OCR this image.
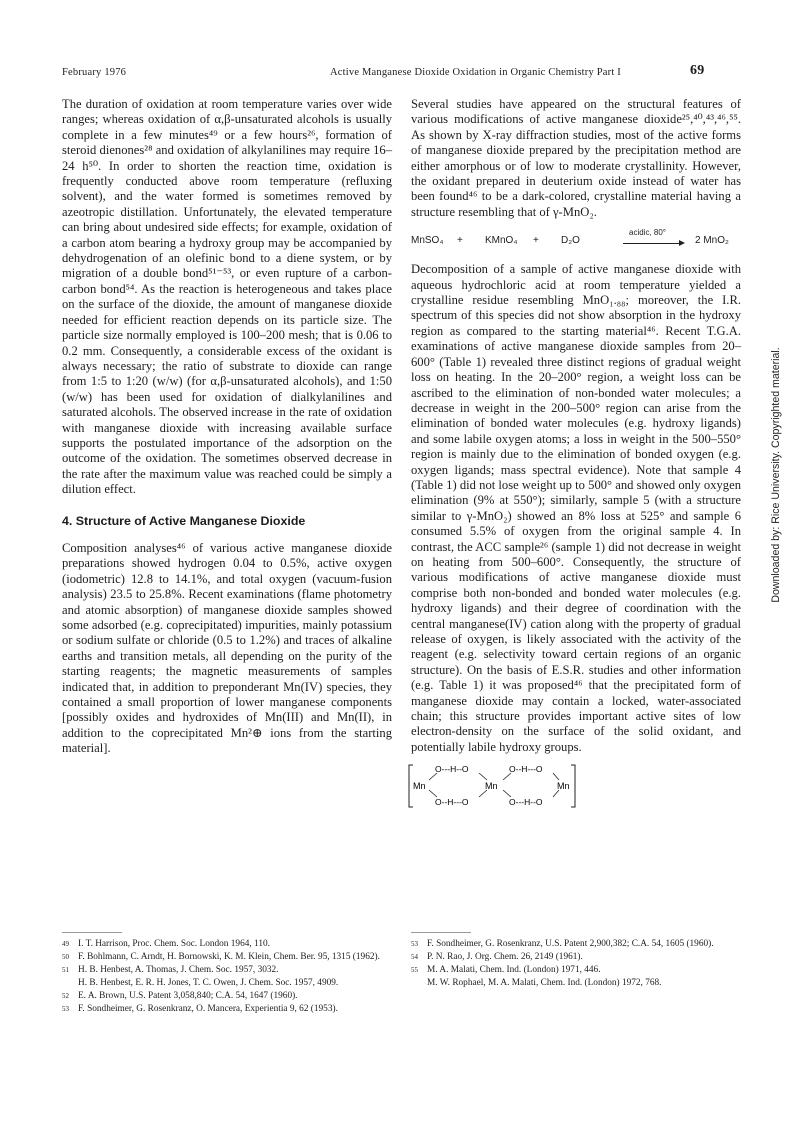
February 1976	Active Manganese Dioxide Oxidation in Organic Chemistry Part I	69

The duration of oxidation at room temperature varies over wide ranges; whereas oxidation of α,β-unsaturated alcohols is usually complete in a few minutes⁴⁹ or a few hours²⁶, formation of steroid dienones²⁸ and oxidation of alkylanilines may require 16–24 h⁵⁰. In order to shorten the reaction time, oxidation is frequently conducted above room temperature (refluxing solvent), and the water formed is sometimes removed by azeotropic distillation. Unfortunately, the elevated temperature can bring about undesired side effects; for example, oxidation of a carbon atom bearing a hydroxy group may be accompanied by dehydrogenation of an olefinic bond to a diene system, or by migration of a double bond⁵¹⁻⁵³, or even rupture of a carbon-carbon bond⁵⁴. As the reaction is heterogeneous and takes place on the surface of the dioxide, the amount of manganese dioxide needed for efficient reaction depends on its particle size. The particle size normally employed is 100–200 mesh; that is 0.06 to 0.2 mm. Consequently, a considerable excess of the oxidant is always necessary; the ratio of substrate to dioxide can range from 1:5 to 1:20 (w/w) (for α,β-unsaturated alcohols), and 1:50 (w/w) has been used for oxidation of dialkylanilines and saturated alcohols. The observed increase in the rate of oxidation with manganese dioxide with increasing available surface supports the postulated importance of the adsorption on the outcome of the oxidation. The sometimes observed decrease in the rate after the maximum value was reached could be simply a dilution effect.

4. Structure of Active Manganese Dioxide

Composition analyses⁴⁶ of various active manganese dioxide preparations showed hydrogen 0.04 to 0.5%, active oxygen (iodometric) 12.8 to 14.1%, and total oxygen (vacuum-fusion analysis) 23.5 to 25.8%. Recent examinations (flame photometry and atomic absorption) of manganese dioxide samples showed some adsorbed (e.g. coprecipitated) impurities, mainly potassium or sodium sulfate or chloride (0.5 to 1.2%) and traces of alkaline earths and transition metals, all depending on the purity of the starting reagents; the magnetic measurements of samples indicated that, in addition to preponderant Mn(IV) species, they contained a small proportion of lower manganese components [possibly oxides and hydroxides of Mn(III) and Mn(II), in addition to the coprecipitated Mn²⊕ ions from the starting material].

Several studies have appeared on the structural features of various modifications of active manganese dioxide²⁵,⁴⁰,⁴³,⁴⁶,⁵⁵. As shown by X-ray diffraction studies, most of the active forms of manganese dioxide prepared by the precipitation method are either amorphous or of low to moderate crystallinity. However, the oxidant prepared in deuterium oxide instead of water has been found⁴⁶ to be a dark-colored, crystalline material having a structure resembling that of γ-MnO₂.

MnSO₄ + KMnO₄ + D₂O
acidic, 80°
2 MnO₂

Decomposition of a sample of active manganese dioxide with aqueous hydrochloric acid at room temperature yielded a crystalline residue resembling MnO₁.₈₈; moreover, the I.R. spectrum of this species did not show absorption in the hydroxy region as compared to the starting material⁴⁶. Recent T.G.A. examinations of active manganese dioxide samples from 20–600° (Table 1) revealed three distinct regions of gradual weight loss on heating. In the 20–200° region, a weight loss can be ascribed to the elimination of non-bonded water molecules; a decrease in weight in the 200–500° region can arise from the elimination of bonded water molecules (e.g. hydroxy ligands) and some labile oxygen atoms; a loss in weight in the 500–550° region is mainly due to the elimination of bonded oxygen (e.g. oxygen ligands; mass spectral evidence). Note that sample 4 (Table 1) did not lose weight up to 500° and showed only oxygen elimination (9% at 550°); similarly, sample 5 (with a structure similar to γ-MnO₂) showed an 8% loss at 525° and sample 6 consumed 5.5% of oxygen from the original sample 4. In contrast, the ACC sample²⁶ (sample 1) did not decrease in weight on heating from 500–600°. Consequently, the structure of various modifications of active manganese dioxide must comprise both non-bonded and bonded water molecules (e.g. hydroxy ligands) and their degree of coordination with the central manganese(IV) cation along with the property of gradual release of oxygen, is likely associated with the activity of the reagent (e.g. selectivity toward certain regions of an organic structure). On the basis of E.S.R. studies and other information (e.g. Table 1) it was proposed⁴⁶ that the precipitated form of manganese dioxide may contain a locked, water-associated chain; this structure provides important active sites of low electron-density on the surface of the solid oxidant, and potentially labile hydroxy groups.

Mn	Mn	Mn
O---H--O
O--H---O
O--H---O
O---H--O
49 I. T. Harrison, Proc. Chem. Soc. London 1964, 110.
50 F. Bohlmann, C. Arndt, H. Bornowski, K. M. Klein, Chem. Ber. 95, 1315 (1962).
51 H. B. Henbest, A. Thomas, J. Chem. Soc. 1957, 3032.
H. B. Henbest, E. R. H. Jones, T. C. Owen, J. Chem. Soc. 1957, 4909.
52 E. A. Brown, U.S. Patent 3,058,840; C.A. 54, 1647 (1960).
53 F. Sondheimer, G. Rosenkranz, O. Mancera, Experientia 9, 62 (1953).
53 F. Sondheimer, G. Rosenkranz, U.S. Patent 2,900,382; C.A. 54, 1605 (1960).
54 P. N. Rao, J. Org. Chem. 26, 2149 (1961).
55 M. A. Malati, Chem. Ind. (London) 1971, 446.
M. W. Rophael, M. A. Malati, Chem. Ind. (London) 1972, 768.
Downloaded by: Rice University. Copyrighted material.
